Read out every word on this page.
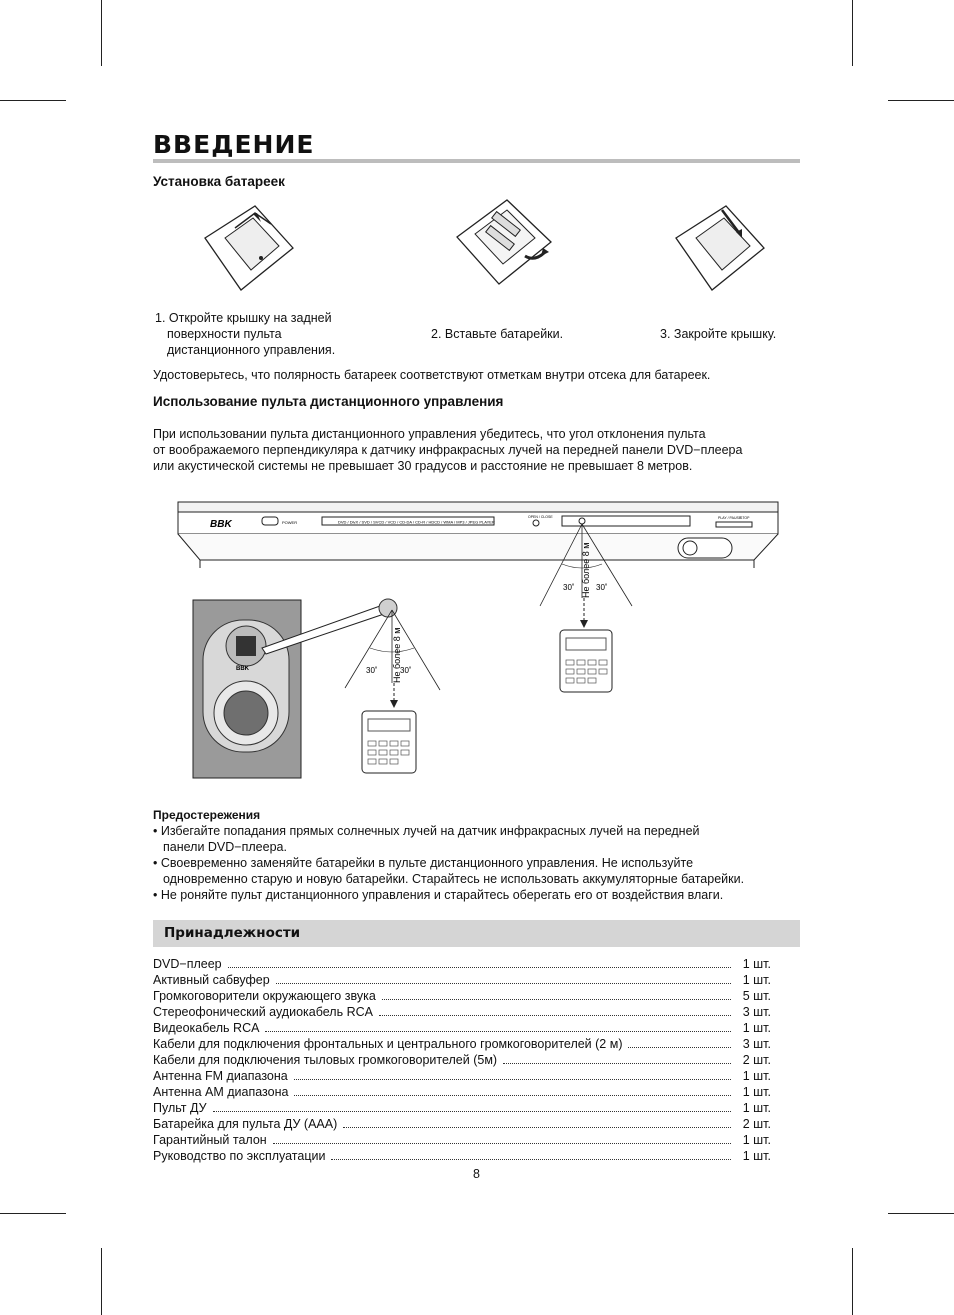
ВВЕДЕНИЕ
Установка батареек
1. Откройте крышку на задней
поверхности пульта
дистанционного управления.
2. Вставьте батарейки.	3. Закройте крышку.
Удостоверьтесь, что полярность батареек соответствуют отметкам внутри отсека для батареек.
Использование пульта дистанционного управления
При использовании пульта дистанционного управления убедитесь, что угол отклонения пульта
от воображаемого перпендикуляра к датчику инфракрасных лучей на передней панели DVD−плеера
или акустической системы не превышает 30 градусов и расстояние не превышает 8 метров.
BBK	POWER	DVD / DivX / SVD / SVCD / VCD / CD-DA / CD-R / HDCD / WMA / MP3 / JPEG PLAYER
OPEN / CLOSE	PLAY / PAUSE
STOP
30˚	30˚
Не более 8 м
BBK	30˚	30˚
Не более 8 м
Предостережения
• Избегайте попадания прямых солнечных лучей на датчик инфракрасных лучей на передней
панели DVD−плеера.
• Своевременно заменяйте батарейки в пульте дистанционного управления. Не используйте
одновременно старую и новую батарейки. Старайтесь не использовать аккумуляторные батарейки.
• Не роняйте пульт дистанционного управления и старайтесь оберегать его от воздействия влаги.
Принадлежности
DVD−плеер	1 шт.
Активный сабвуфер	1 шт.
Громкоговорители окружающего звука	5 шт.
Стереофонический аудиокабель RCA	3 шт.
Видеокабель RCA	1 шт.
Кабели для подключения фронтальных и центрального громкоговорителей (2 м)	3 шт.
Кабели для подключения тыловых громкоговорителей (5м)	2 шт.
Антенна FM диапазона	1 шт.
Антенна AM диапазона	1 шт.
Пульт ДУ	1 шт.
Батарейка для пульта ДУ (AAA)	2 шт.
Гарантийный талон	1 шт.
Руководство по эксплуатации	1 шт.
8
